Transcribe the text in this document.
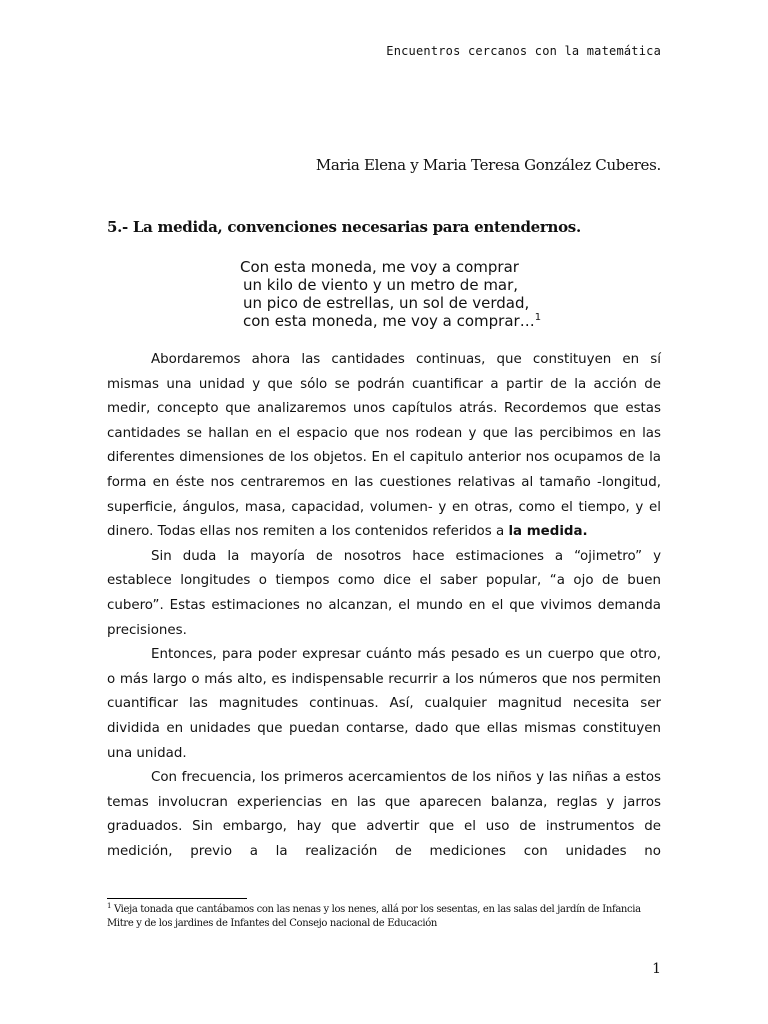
Encuentros cercanos con la matemática
Maria Elena y Maria Teresa González Cuberes.
5.- La medida, convenciones necesarias para entendernos.
Con esta moneda, me voy a comprar
un kilo de viento y un metro de mar,
un pico de estrellas, un sol de verdad,
con esta moneda, me voy a comprar…$^1$

Abordaremos ahora las cantidades continuas, que constituyen en sí mismas una unidad y que sólo se podrán cuantificar a partir de la acción de medir, concepto que analizaremos unos capítulos atrás. Recordemos que estas cantidades se hallan en el espacio que nos rodean y que las percibimos en las diferentes dimensiones de los objetos. En el capitulo anterior nos ocupamos de la forma en éste nos centraremos en las cuestiones relativas al tamaño -longitud, superficie, ángulos, masa, capacidad, volumen- y en otras, como el tiempo, y el dinero. Todas ellas nos remiten a los contenidos referidos a la medida.

Sin duda la mayoría de nosotros hace estimaciones a “ojimetro” y establece longitudes o tiempos como dice el saber popular, “a ojo de buen cubero”. Estas estimaciones no alcanzan, el mundo en el que vivimos demanda precisiones.

Entonces, para poder expresar cuánto más pesado es un cuerpo que otro, o más largo o más alto, es indispensable recurrir a los números que nos permiten cuantificar las magnitudes continuas. Así, cualquier magnitud necesita ser dividida en unidades que puedan contarse, dado que ellas mismas constituyen una unidad.

Con frecuencia, los primeros acercamientos de los niños y las niñas a estos temas involucran experiencias en las que aparecen balanza, reglas y jarros graduados. Sin embargo, hay que advertir que el uso de instrumentos de medición, previo a la realización de mediciones con unidades no

$^1$ Vieja tonada que cantábamos con las nenas y los nenes, allá por los sesentas, en las salas del jardín de Infancia Mitre y de los jardines de Infantes del Consejo nacional de Educación
1
